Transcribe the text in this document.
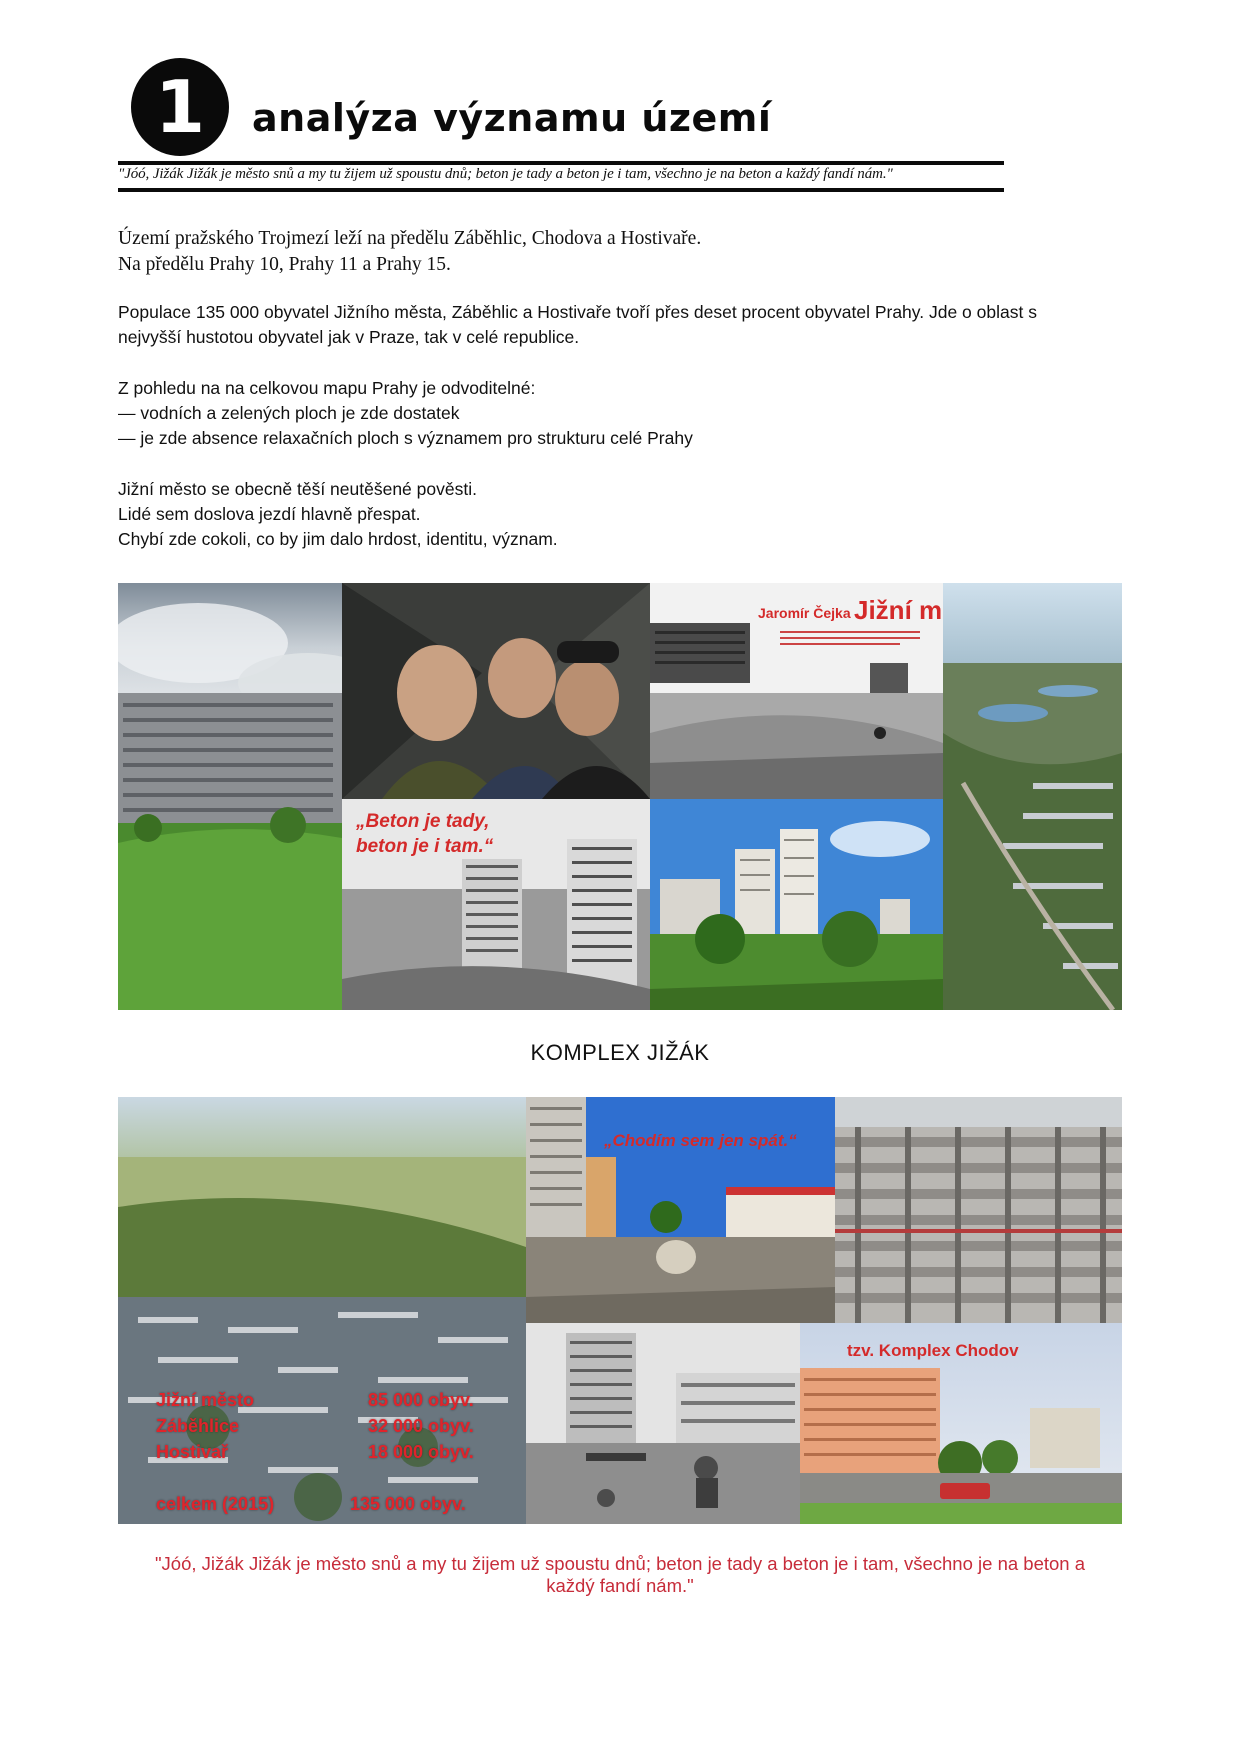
1	analýza významu území
"Jóó, Jižák Jižák je město snů a my tu žijem už spoustu dnů; beton je tady a beton je i tam, všechno je na beton a každý fandí nám."
Území pražského Trojmezí leží na předělu Záběhlic, Chodova a Hostivaře.
Na předělu Prahy 10, Prahy 11 a Prahy 15.
Populace 135 000 obyvatel Jižního města, Záběhlic a Hostivaře tvoří přes deset procent obyvatel Prahy. Jde o oblast s
nejvyšší hustotou obyvatel jak v Praze, tak v celé republice.
Z pohledu na na celkovou mapu Prahy je odvoditelné:
— vodních a zelených ploch je zde dostatek
— je zde absence relaxačních ploch s významem pro strukturu celé Prahy
Jižní město se obecně těší neutěšené pověsti.
Lidé sem doslova jezdí hlavně přespat.
Chybí zde cokoli, co by jim dalo hrdost, identitu, význam.
Jaromír Čejka Jižní m
„Beton je tady,
beton je i tam.“
KOMPLEX JIŽÁK
Jižní město
Záběhlice
Hostivař
85 000 obyv.
32 000 obyv.
18 000 obyv.
celkem (2015)	135 000 obyv.
„Chodím sem jen spát.“
tzv. Komplex Chodov
"Jóó, Jižák Jižák je město snů a my tu žijem už spoustu dnů; beton je tady a beton je i tam, všechno je na beton a každý fandí nám."
